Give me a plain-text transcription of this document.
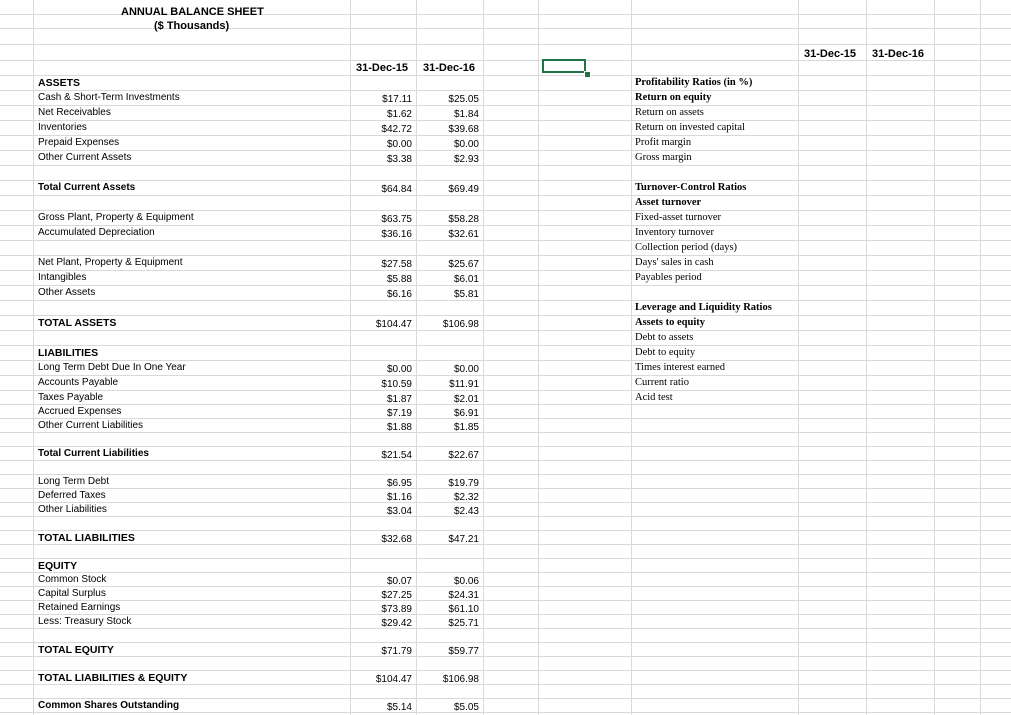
ANNUAL BALANCE SHEET
($ Thousands)
31-Dec-15 31-Dec-16
31-Dec-15 31-Dec-16
ASSETS
Cash & Short-Term Investments	$17.11	$25.05
Net Receivables	$1.62	$1.84
Inventories	$42.72	$39.68
Prepaid Expenses	$0.00	$0.00
Other Current Assets	$3.38	$2.93
Total Current Assets	$64.84	$69.49
Gross Plant, Property & Equipment	$63.75	$58.28
Accumulated Depreciation	$36.16	$32.61
Net Plant, Property & Equipment	$27.58	$25.67
Intangibles	$5.88	$6.01
Other Assets	$6.16	$5.81
TOTAL ASSETS	$104.47	$106.98
LIABILITIES
Long Term Debt Due In One Year	$0.00	$0.00
Accounts Payable	$10.59	$11.91
Taxes Payable	$1.87	$2.01
Accrued Expenses	$7.19	$6.91
Other Current Liabilities	$1.88	$1.85
Total Current Liabilities	$21.54	$22.67
Long Term Debt	$6.95	$19.79
Deferred Taxes	$1.16	$2.32
Other Liabilities	$3.04	$2.43
TOTAL LIABILITIES	$32.68	$47.21
EQUITY
Common Stock	$0.07	$0.06
Capital Surplus	$27.25	$24.31
Retained Earnings	$73.89	$61.10
Less: Treasury Stock	$29.42	$25.71
TOTAL EQUITY	$71.79	$59.77
TOTAL LIABILITIES & EQUITY	$104.47	$106.98
Common Shares Outstanding	$5.14	$5.05
Profitability Ratios (in %)
Return on equity
Return on assets
Return on invested capital
Profit margin
Gross margin
Turnover-Control Ratios
Asset turnover
Fixed-asset turnover
Inventory turnover
Collection period (days)
Days' sales in cash
Payables period
Leverage and Liquidity Ratios
Assets to equity
Debt to assets
Debt to equity
Times interest earned
Current ratio
Acid test
